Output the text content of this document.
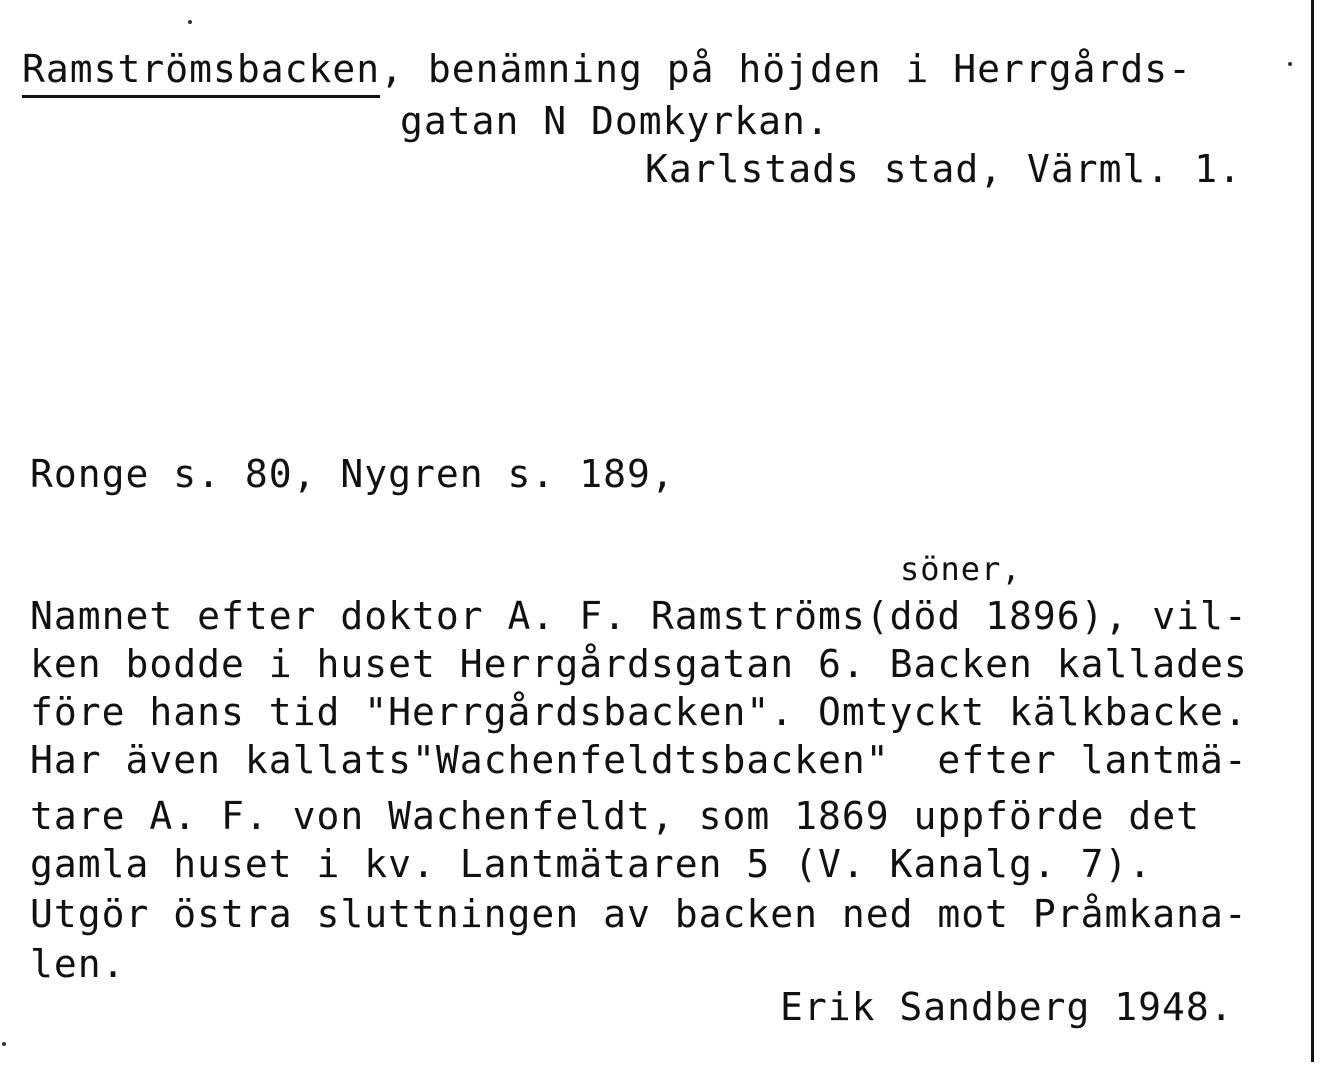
Ramströmsbacken, benämning på höjden i Herrgårds-
gatan N Domkyrkan.
Karlstads stad, Värml. 1.
Ronge s. 80, Nygren s. 189,
söner,
Namnet efter doktor A. F. Ramströms(död 1896), vil-
ken bodde i huset Herrgårdsgatan 6. Backen kallades
före hans tid "Herrgårdsbacken". Omtyckt kälkbacke.
Har även kallats"Wachenfeldtsbacken"  efter lantmä-
tare A. F. von Wachenfeldt, som 1869 uppförde det
gamla huset i kv. Lantmätaren 5 (V. Kanalg. 7).
Utgör östra sluttningen av backen ned mot Pråmkana-
len.
Erik Sandberg 1948.
